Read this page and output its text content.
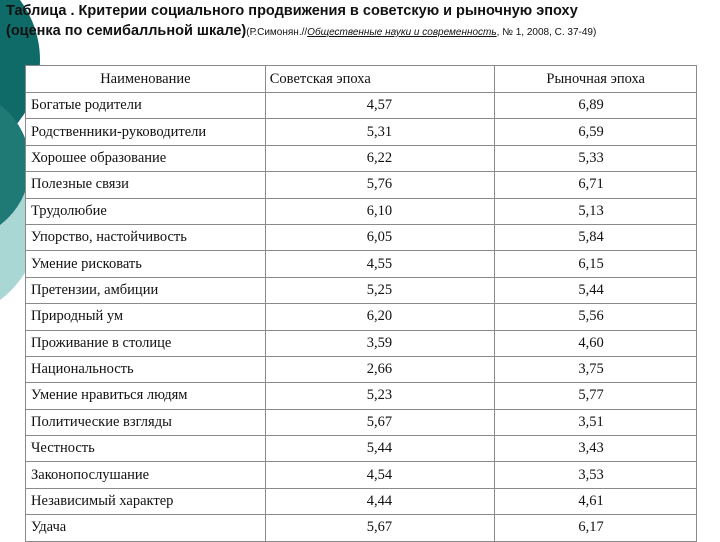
Таблица . Критерии социального продвижения в советскую и рыночную эпоху
(оценка по семибалльной шкале)(Р.Симонян.//Общественные науки и современность, № 1, 2008, С. 37-49)
Наименование	Советская эпоха	Рыночная эпоха
Богатые родители	4,57	6,89
Родственники-руководители	5,31	6,59
Хорошее образование	6,22	5,33
Полезные связи	5,76	6,71
Трудолюбие	6,10	5,13
Упорство, настойчивость	6,05	5,84
Умение рисковать	4,55	6,15
Претензии, амбиции	5,25	5,44
Природный ум	6,20	5,56
Проживание в столице	3,59	4,60
Национальность	2,66	3,75
Умение нравиться людям	5,23	5,77
Политические взгляды	5,67	3,51
Честность	5,44	3,43
Законопослушание	4,54	3,53
Независимый характер	4,44	4,61
Удача	5,67	6,17
